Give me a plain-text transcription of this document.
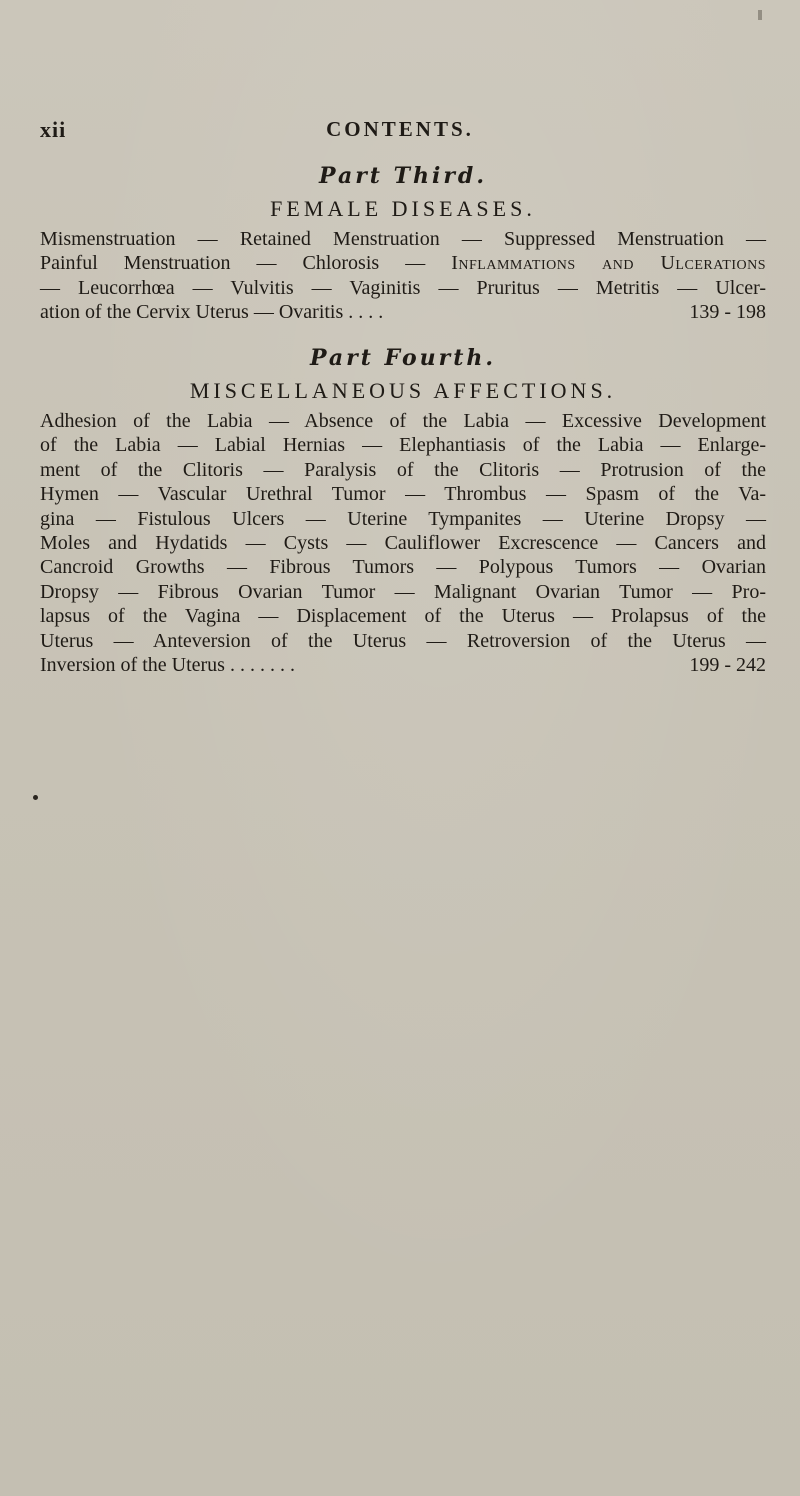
xii	CONTENTS.
Part Third.
FEMALE DISEASES.
Mismenstruation — Retained Menstruation — Suppressed Menstruation —
Painful Menstruation — Chlorosis — Inflammations and Ulcerations
— Leucorrhœa — Vulvitis — Vaginitis — Pruritus — Metritis — Ulcer-
ation of the Cervix Uterus — Ovaritis . . . .	139 - 198
Part Fourth.
MISCELLANEOUS AFFECTIONS.
Adhesion of the Labia — Absence of the Labia — Excessive Development
of the Labia — Labial Hernias — Elephantiasis of the Labia — Enlarge-
ment of the Clitoris — Paralysis of the Clitoris — Protrusion of the
Hymen — Vascular Urethral Tumor — Thrombus — Spasm of the Va-
gina — Fistulous Ulcers — Uterine Tympanites — Uterine Dropsy —
Moles and Hydatids — Cysts — Cauliflower Excrescence — Cancers and
Cancroid Growths — Fibrous Tumors — Polypous Tumors — Ovarian
Dropsy — Fibrous Ovarian Tumor — Malignant Ovarian Tumor — Pro-
lapsus of the Vagina — Displacement of the Uterus — Prolapsus of the
Uterus — Anteversion of the Uterus — Retroversion of the Uterus —
Inversion of the Uterus . . . . . . .	199 - 242
